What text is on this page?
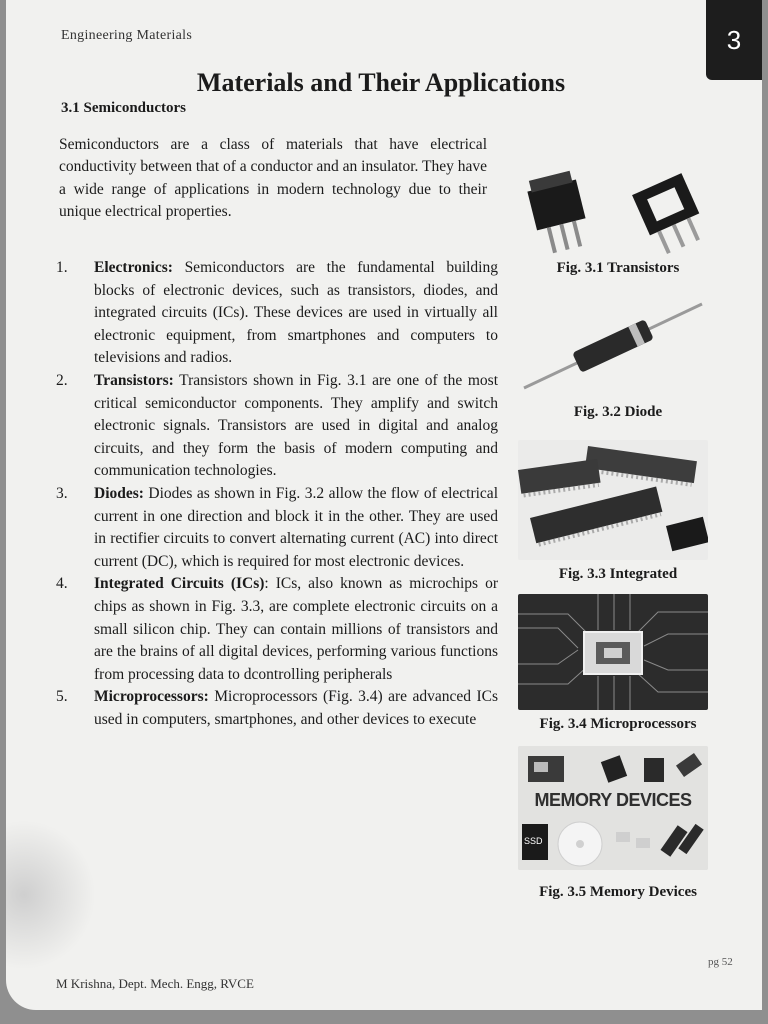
Engineering Materials	3
Materials and Their Applications
3.1 Semiconductors

Semiconductors are a class of materials that have electrical conductivity between that of a conductor and an insulator. They have a wide range of applications in modern technology due to their unique electrical properties.

1.	Electronics: Semiconductors are the fundamental building blocks of electronic devices, such as transistors, diodes, and integrated circuits (ICs). These devices are used in virtually all electronic equipment, from smartphones and computers to televisions and radios.
2.	Transistors: Transistors shown in Fig. 3.1 are one of the most critical semiconductor components. They amplify and switch electronic signals. Transistors are used in digital and analog circuits, and they form the basis of modern computing and communication technologies.
3.	Diodes: Diodes as shown in Fig. 3.2 allow the flow of electrical current in one direction and block it in the other. They are used in rectifier circuits to convert alternating current (AC) into direct current (DC), which is required for most electronic devices.
4.	Integrated Circuits (ICs): ICs, also known as microchips or chips as shown in Fig. 3.3, are complete electronic circuits on a small silicon chip. They can contain millions of transistors and are the brains of all digital devices, performing various functions from processing data to dcontrolling peripherals
5.	Microprocessors: Microprocessors (Fig. 3.4) are advanced ICs used in computers, smartphones, and other devices to execute
Fig. 3.1 Transistors
Fig. 3.2 Diode
Fig. 3.3 Integrated
Fig. 3.4 Microprocessors
MEMORY DEVICES
SSD
Fig. 3.5 Memory Devices
M Krishna, Dept. Mech. Engg, RVCE
pg 52
